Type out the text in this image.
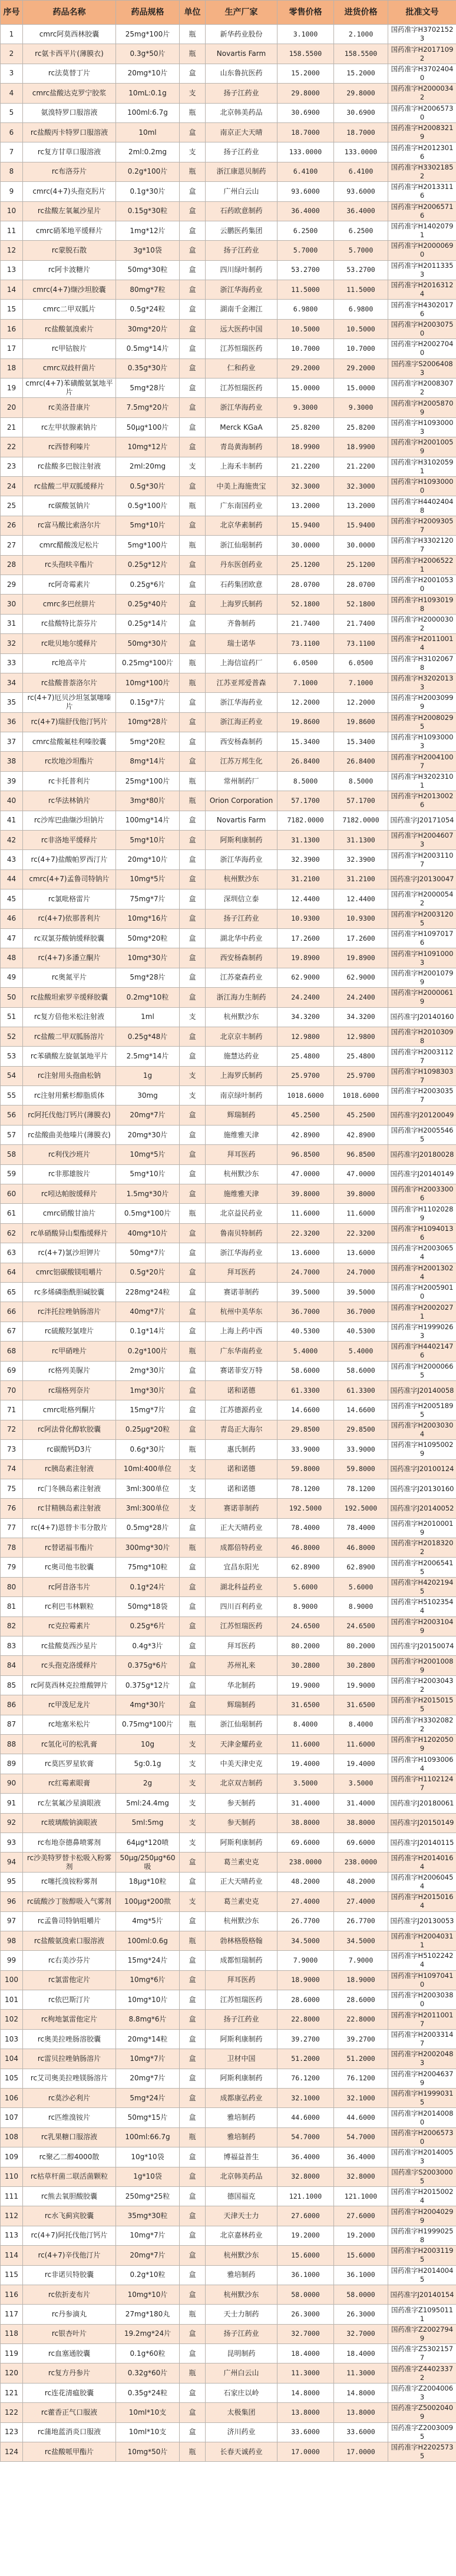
序号	药品名称	药品规格	单位	生产厂家	零售价格	进货价格	批准文号
1	cmrc阿莫西林胶囊	25mg*100片	瓶	新华药业股份	3.1000	2.1000	国药准字H37021523
2	rc氨卡西平片(薄膜衣)	0.3g*50片	瓶	Novartis Farm	158.5500	158.5500	国药准字H20171092
3	rc法莫替丁片	20mg*10片	盒	山东鲁抗医药	15.2000	15.2000	国药准字H37024040
4	cmrc盐酸达克罗宁胶浆	10mL:0.1g	支	扬子江药业	29.8000	29.8000	国药准字H20000342
5	氨溴特罗口服溶液	100ml:6.7g	瓶	北京韩美药品	30.6900	30.6900	国药准字H20065730
6	rc盐酸丙卡特罗口服溶液	10ml	盒	南京正大天晴	18.7000	18.7000	国药准字H20083219
7	rc复方甘草口服溶液	2ml:0.2mg	支	扬子江药业	133.0000	133.0000	国药准字H20123016
8	rc布洛芬片	0.2g*100片	瓶	浙江康恩贝制药	6.4100	6.4100	国药准字H33021852
9	cmrc(4+7)头孢克肟片	0.1g*30片	盒	广州白云山	93.6000	93.6000	国药准字H20133116
10	rc盐酸左氧氟沙星片	0.15g*30粒	盒	石药欧意制药	36.4000	36.4000	国药准字H20065716
11	cmrc硝苯地平缓释片	1mg*12片	盒	云鹏医药集团	6.2500	6.2500	国药准字H14020791
12	rc蒙脱石散	3g*10袋	盒	扬子江药业	5.7000	5.7000	国药准字H20000690
13	rc阿卡波糖片	50mg*30粒	盒	四川绿叶制药	53.2700	53.2700	国药准字H20113353
14	cmrc(4+7)缬沙坦胶囊	80mg*7粒	盒	浙江华海药业	11.5000	11.5000	国药准字H20163124
15	cmrc二甲双胍片	0.5g*24粒	盒	湖南千金湘江	6.9800	6.9800	国药准字H43020176
16	rc盐酸氨溴索片	30mg*20片	盒	远大医药中国	10.5000	10.5000	国药准字H20030750
17	rc甲钴胺片	0.5mg*14片	盒	江苏恒瑞医药	10.7000	10.7000	国药准字H20027040
18	cmrc双歧杆菌片	0.35g*30片	盒	仁和药业	29.2000	29.2000	国药准字S20064083
19	cmrc(4+7)苯磺酸氨氯地平片	5mg*28片	盒	江苏恒瑞医药	15.0000	15.0000	国药准字H20083072
20	rc美洛昔康片	7.5mg*20片	盒	浙江华海药业	9.3000	9.3000	国药准字H20058709
21	rc左甲状腺素钠片	50μg*100片	盒	Merck KGaA	25.8200	25.8200	国药准字H10930003
22	rc西替利嗪片	10mg*12片	盒	青岛黄海制药	18.9900	18.9900	国药准字H20010059
23	rc盐酸多巴胺注射液	2ml:20mg	支	上海禾丰制药	21.2200	21.2200	国药准字H31020591
24	rc盐酸二甲双胍缓释片	0.5g*30片	盒	中美上海施贵宝	32.3000	32.3000	国药准字H10930000
25	rc碳酸氢钠片	0.5g*100片	瓶	广东南国药业	13.2000	13.2000	国药准字H44024048
26	rc富马酸比索洛尔片	5mg*10片	盒	北京华素制药	15.9400	15.9400	国药准字H20093057
27	cmrc醋酸泼尼松片	5mg*100片	瓶	浙江仙琚制药	30.0000	30.0000	国药准字H33021207
28	rc头孢呋辛酯片	0.25g*12片	盒	丹东医创药业	25.1200	25.1200	国药准字H20065221
29	rc阿奇霉素片	0.25g*6片	盒	石药集团欧意	28.0700	28.0700	国药准字H20010530
30	cmrc多巴丝肼片	0.25g*40片	盒	上海罗氏制药	52.1800	52.1800	国药准字H10930198
31	rc盐酸特比萘芬片	0.25g*14片	盒	齐鲁制药	21.7400	21.7400	国药准字H20000302
32	rc吡贝地尔缓释片	50mg*30片	盒	瑞士诺华	73.1100	73.1100	国药准字H20110014
33	rc地高辛片	0.25mg*100片	瓶	上海信谊药厂	6.0500	6.0500	国药准字H31020678
34	rc盐酸普萘洛尔片	10mg*100片	瓶	江苏亚邦爱普森	7.1000	7.1000	国药准字H32020133
35	rc(4+7)厄贝沙坦氢氯噻嗪片	0.15g*7片	盒	浙江华海药业	12.2000	12.2000	国药准字H20030999
36	rc(4+7)瑞舒伐他汀钙片	10mg*28片	盒	浙江海正药业	19.8600	19.8600	国药准字H20080295
37	cmrc盐酸氟桂利嗪胶囊	5mg*20粒	盒	西安杨森制药	15.3400	15.3400	国药准字H10930003
38	rc坎地沙坦酯片	8mg*14片	盒	江苏万邦生化	26.8400	26.8400	国药准字H20041007
39	rc卡托普利片	25mg*100片	瓶	常州制药厂	8.5000	8.5000	国药准字H32023101
40	rc华法林钠片	3mg*80片	瓶	Orion Corporation	57.1700	57.1700	国药准字H20130026
41	rc沙库巴曲缬沙坦钠片	100mg*14片	盒	Novartis Farm	7182.0000	7182.0000	国药准字J20171054
42	rc非洛地平缓释片	5mg*10片	盒	阿斯利康制药	31.1300	31.1300	国药准字H20046073
43	rc(4+7)盐酸帕罗西汀片	20mg*10片	盒	浙江华海药业	32.3900	32.3900	国药准字H20031107
44	cmrc(4+7)孟鲁司特钠片	10mg*5片	盒	杭州默沙东	31.2100	31.2100	国药准字J20130047
45	rc氯吡格雷片	75mg*7片	盒	深圳信立泰	12.4400	12.4400	国药准字H20000542
46	rc(4+7)依那普利片	10mg*16片	盒	扬子江药业	10.9300	10.9300	国药准字H20031205
47	rc双氯芬酸钠缓释胶囊	50mg*20粒	盒	湖北华中药业	17.2600	17.2600	国药准字H10970176
48	rc(4+7)多潘立酮片	10mg*30片	盒	西安杨森制药	19.8900	19.8900	国药准字H10910003
49	rc奥氮平片	5mg*28片	盒	江苏豪森药业	62.9000	62.9000	国药准字H20010799
50	rc盐酸坦索罗辛缓释胶囊	0.2mg*10粒	盒	浙江海力生制药	24.2400	24.2400	国药准字H20000619
51	rc复方倍他米松注射液	1ml	支	杭州默沙东	34.3200	34.3200	国药准字J20140160
52	rc盐酸二甲双胍肠溶片	0.25g*48片	盒	北京京丰制药	12.9800	12.9800	国药准字H20103098
53	rc苯磺酸左旋氨氯地平片	2.5mg*14片	盒	施慧达药业	25.4800	25.4800	国药准字H20031127
54	rc注射用头孢曲松钠	1g	支	上海罗氏制药	25.9700	25.9700	国药准字H10983037
55	rc注射用紫杉醇脂质体	30mg	支	南京绿叶制药	1018.6000	1018.6000	国药准字H20030357
56	rc阿托伐他汀钙片(薄膜衣)	20mg*7片	盒	辉瑞制药	45.2500	45.2500	国药准字J20120049
57	rc盐酸曲美他嗪片(薄膜衣)	20mg*30片	盒	施维雅天津	42.8900	42.8900	国药准字H20055465
58	rc利伐沙班片	10mg*5片	盒	拜耳医药	96.8500	96.8500	国药准字J20180028
59	rc非那雄胺片	5mg*10片	盒	杭州默沙东	47.0000	47.0000	国药准字J20140149
60	rc吲达帕胺缓释片	1.5mg*30片	盒	施维雅天津	39.8000	39.8000	国药准字H20033006
61	cmrc硝酸甘油片	0.5mg*100片	瓶	北京益民药业	11.6000	11.6000	国药准字H11020289
62	rc单硝酸异山梨酯缓释片	40mg*10片	盒	鲁南贝特制药	22.3200	22.3200	国药准字H10940136
63	rc(4+7)氯沙坦钾片	50mg*7片	盒	浙江华海药业	13.6000	13.6000	国药准字H20030654
64	cmrc铝碳酸镁咀嚼片	0.5g*20片	盒	拜耳医药	24.7000	24.7000	国药准字H20013024
65	rc多烯磷脂酰胆碱胶囊	228mg*24粒	盒	赛诺菲制药	39.5000	39.5000	国药准字H20059010
66	rc泮托拉唑钠肠溶片	40mg*7片	盒	杭州中美华东	36.7000	36.7000	国药准字H20020271
67	rc硫酸羟氯喹片	0.1g*14片	盒	上海上药中西	40.5300	40.5300	国药准字H19990263
68	rc甲硝唑片	0.2g*100片	瓶	广东华南药业	5.4000	5.4000	国药准字H44021476
69	rc格列美脲片	2mg*30片	盒	赛诺菲安万特	58.6000	58.6000	国药准字H20000665
70	rc瑞格列奈片	1mg*30片	盒	诺和诺德	61.3300	61.3300	国药准字J20140058
71	cmrc吡格列酮片	15mg*7片	盒	江苏德源药业	14.6600	14.6600	国药准字H20051895
72	rc阿法骨化醇软胶囊	0.25μg*20粒	盒	青岛正大海尔	29.8500	29.8500	国药准字H20030304
73	rc碳酸钙D3片	0.6g*30片	瓶	惠氏制药	33.9000	33.9000	国药准字H10950029
74	rc胰岛素注射液	10ml:400单位	支	诺和诺德	59.8000	59.8000	国药准字J20100124
75	rc门冬胰岛素注射液	3ml:300单位	支	诺和诺德	78.1200	78.1200	国药准字J20130160
76	rc甘精胰岛素注射液	3ml:300单位	支	赛诺菲制药	192.5000	192.5000	国药准字J20140052
77	rc(4+7)恩替卡韦分散片	0.5mg*28片	盒	正大天晴药业	78.4000	78.4000	国药准字H20100019
78	rc替诺福韦酯片	300mg*30片	瓶	成都倍特药业	46.8000	46.8000	国药准字H20183202
79	rc奥司他韦胶囊	75mg*10粒	盒	宜昌东阳光	62.8900	62.8900	国药准字H20065415
80	rc阿昔洛韦片	0.1g*24片	盒	湖北科益药业	5.6000	5.6000	国药准字H42021945
81	rc利巴韦林颗粒	50mg*18袋	盒	四川百利药业	8.9000	8.9000	国药准字H51023544
82	rc克拉霉素片	0.25g*6片	盒	江苏恒瑞医药	24.6500	24.6500	国药准字H20031049
83	rc盐酸莫西沙星片	0.4g*3片	盒	拜耳医药	80.2000	80.2000	国药准字J20150074
84	rc头孢克洛缓释片	0.375g*6片	盒	苏州礼来	30.2800	30.2800	国药准字H20010089
85	rc阿莫西林克拉维酸钾片	0.375g*12片	盒	华北制药	19.9000	19.9000	国药准字H20030432
86	rc甲泼尼龙片	4mg*30片	盒	辉瑞制药	31.6500	31.6500	国药准字H20150155
87	rc地塞米松片	0.75mg*100片	瓶	浙江仙琚制药	8.4000	8.4000	国药准字H33020822
88	rc氢化可的松乳膏	10g	支	天津金耀药业	11.6000	11.6000	国药准字H12020509
89	rc莫匹罗星软膏	5g:0.1g	支	中美天津史克	19.4000	19.4000	国药准字H10930064
90	rc红霉素眼膏	2g	支	北京双吉制药	3.5000	3.5000	国药准字H11021247
91	rc左氧氟沙星滴眼液	5ml:24.4mg	支	参天制药	31.4000	31.4000	国药准字J20180061
92	rc玻璃酸钠滴眼液	5ml:5mg	支	参天制药	38.8000	38.8000	国药准字J20150149
93	rc布地奈德鼻喷雾剂	64μg*120喷	支	阿斯利康制药	69.6000	69.6000	国药准字J20140115
94	rc沙美特罗替卡松吸入粉雾剂	50μg/250μg*60吸	盒	葛兰素史克	238.0000	238.0000	国药准字H20140164
95	rc噻托溴铵粉雾剂	18μg*10粒	盒	正大天晴药业	48.2000	48.2000	国药准字H20060454
96	rc硫酸沙丁胺醇吸入气雾剂	100μg*200揿	支	葛兰素史克	27.4000	27.4000	国药准字H20150164
97	rc孟鲁司特钠咀嚼片	4mg*5片	盒	杭州默沙东	26.7700	26.7700	国药准字J20130053
98	rc盐酸氨溴索口服溶液	100ml:0.6g	瓶	勃林格殷格翰	34.5000	34.5000	国药准字H20040311
99	rc右美沙芬片	15mg*24片	盒	成都恒瑞制药	7.9000	7.9000	国药准字H51022424
100	rc氯雷他定片	10mg*6片	盒	拜耳医药	18.9000	18.9000	国药准字H10970410
101	rc依巴斯汀片	10mg*10片	盒	江苏恒瑞医药	28.6000	28.6000	国药准字H20030380
102	rc枸地氯雷他定片	8.8mg*6片	盒	扬子江药业	22.8000	22.8000	国药准字H20110017
103	rc奥美拉唑肠溶胶囊	20mg*14粒	盒	阿斯利康制药	39.2700	39.2700	国药准字H20033147
104	rc雷贝拉唑钠肠溶片	10mg*7片	盒	卫材中国	51.2000	51.2000	国药准字H20020483
105	rc艾司奥美拉唑镁肠溶片	20mg*7片	盒	阿斯利康制药	76.1200	76.1200	国药准字H20046379
106	rc莫沙必利片	5mg*24片	盒	成都康弘药业	32.1000	32.1000	国药准字H19990315
107	rc匹维溴铵片	50mg*15片	盒	雅培制药	44.6000	44.6000	国药准字H20140080
108	rc乳果糖口服溶液	100ml:66.7g	瓶	雅培制药	54.7000	54.7000	国药准字H20065730
109	rc聚乙二醇4000散	10g*10袋	盒	博福益普生	36.4000	36.4000	国药准字H20140053
110	rc枯草杆菌二联活菌颗粒	1g*10袋	盒	北京韩美药品	32.8000	32.8000	国药准字S20030005
111	rc熊去氧胆酸胶囊	250mg*25粒	盒	德国福克	121.1000	121.1000	国药准字H20150024
112	rc水飞蓟宾胶囊	35mg*30粒	盒	天津天士力	27.6000	27.6000	国药准字H20040299
113	rc(4+7)阿托伐他汀钙片	10mg*7片	盒	北京嘉林药业	19.2000	19.2000	国药准字H19990258
114	rc(4+7)辛伐他汀片	20mg*7片	盒	杭州默沙东	15.6000	15.6000	国药准字H20031195
115	rc非诺贝特胶囊	0.2g*10粒	盒	雅培制药	36.1000	36.1000	国药准字H20140045
116	rc依折麦布片	10mg*10片	盒	杭州默沙东	58.0000	58.0000	国药准字J20140154
117	rc丹参滴丸	27mg*180丸	瓶	天士力制药	26.3000	26.3000	国药准字Z10950111
118	rc银杏叶片	19.2mg*24片	盒	扬子江药业	32.7000	32.7000	国药准字Z20027949
119	rc血塞通胶囊	0.1g*60粒	盒	昆明制药	18.4000	18.4000	国药准字Z53021577
120	rc复方丹参片	0.32g*60片	瓶	广州白云山	11.3000	11.3000	国药准字Z44023372
121	rc连花清瘟胶囊	0.35g*24粒	盒	石家庄以岭	14.8000	14.8000	国药准字Z20040063
122	rc藿香正气口服液	10ml*10支	盒	太极集团	13.8000	13.8000	国药准字Z50020409
123	rc蒲地蓝消炎口服液	10ml*10支	盒	济川药业	33.6000	33.6000	国药准字Z20030095
124	rc盐酸哌甲酯片	10mg*50片	瓶	长春天诚药业	17.0000	17.0000	国药准字H22025735
